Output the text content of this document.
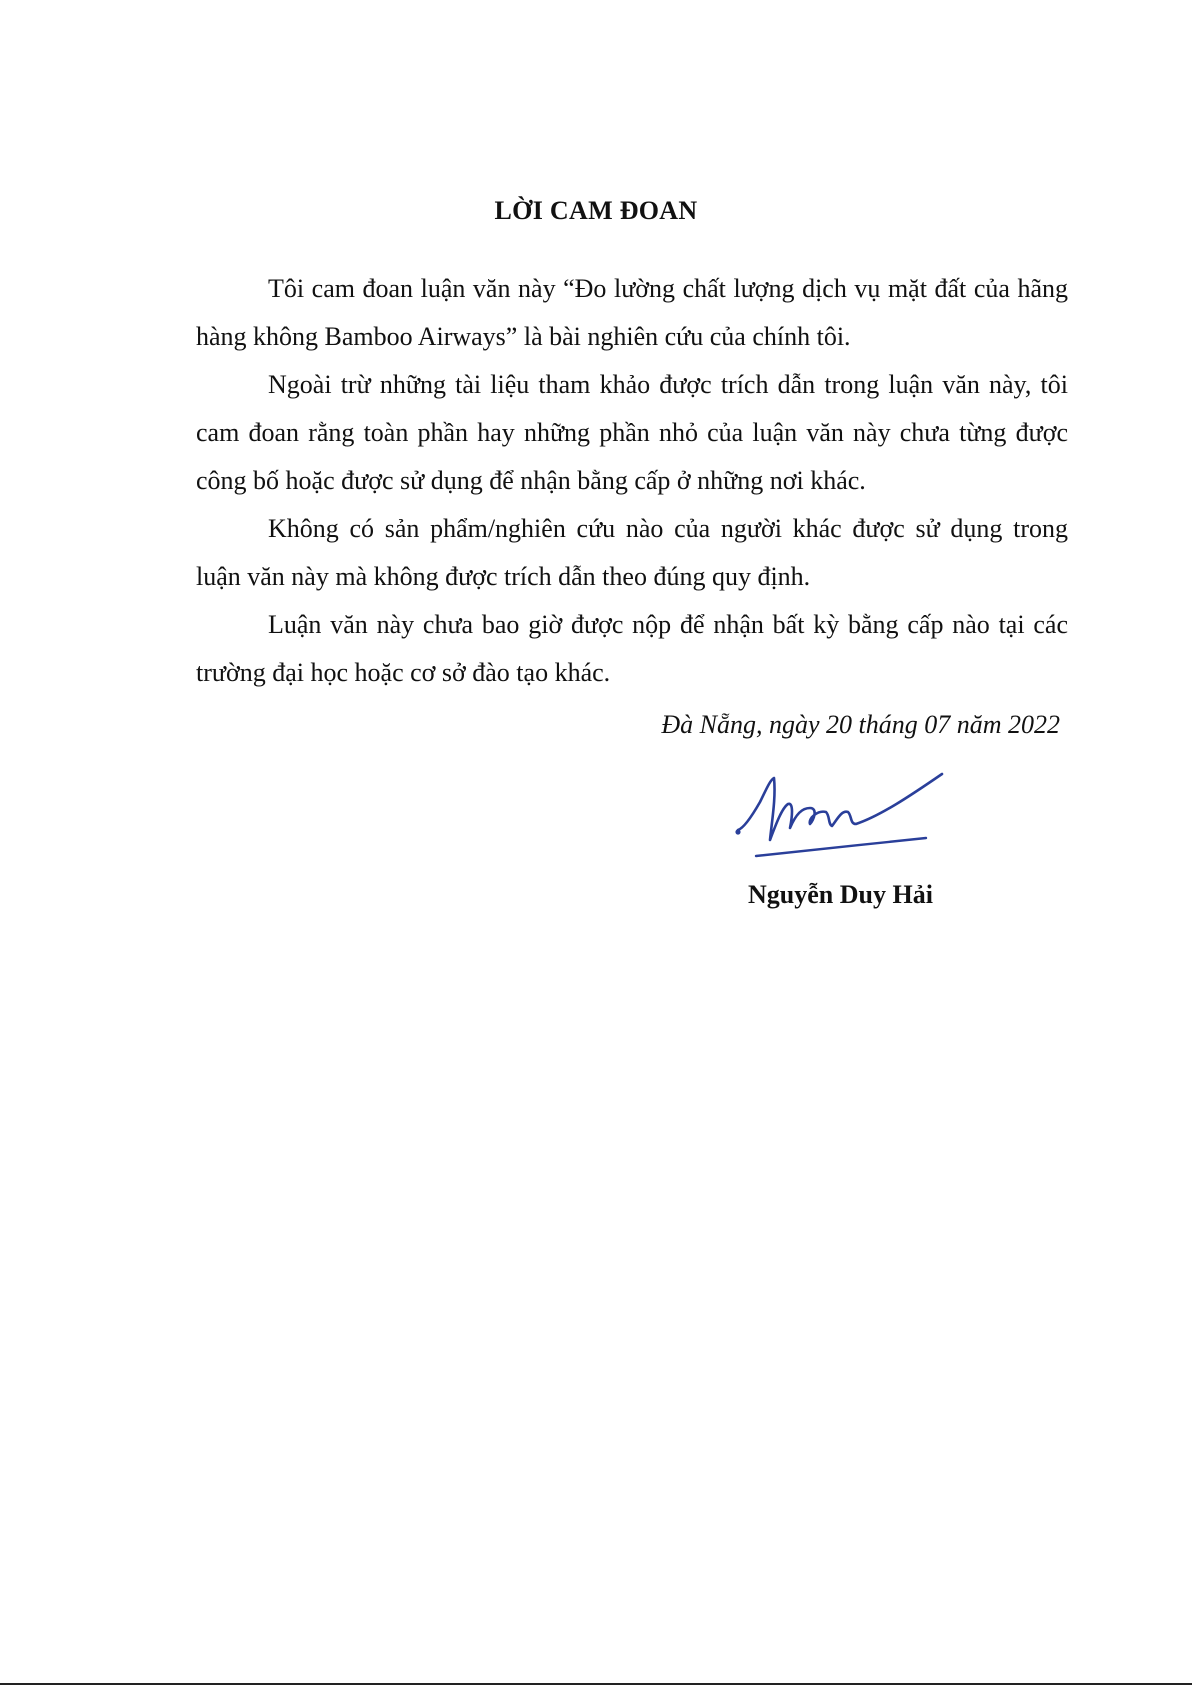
LỜI CAM ĐOAN

Tôi cam đoan luận văn này “Đo lường chất lượng dịch vụ mặt đất của hãng hàng không Bamboo Airways” là bài nghiên cứu của chính tôi.

Ngoài trừ những tài liệu tham khảo được trích dẫn trong luận văn này, tôi cam đoan rằng toàn phần hay những phần nhỏ của luận văn này chưa từng được công bố hoặc được sử dụng để nhận bằng cấp ở những nơi khác.

Không có sản phẩm/nghiên cứu nào của người khác được sử dụng trong luận văn này mà không được trích dẫn theo đúng quy định.

Luận văn này chưa bao giờ được nộp để nhận bất kỳ bằng cấp nào tại các trường đại học hoặc cơ sở đào tạo khác.

Đà Nẵng, ngày 20 tháng 07 năm 2022
Nguyễn Duy Hải
